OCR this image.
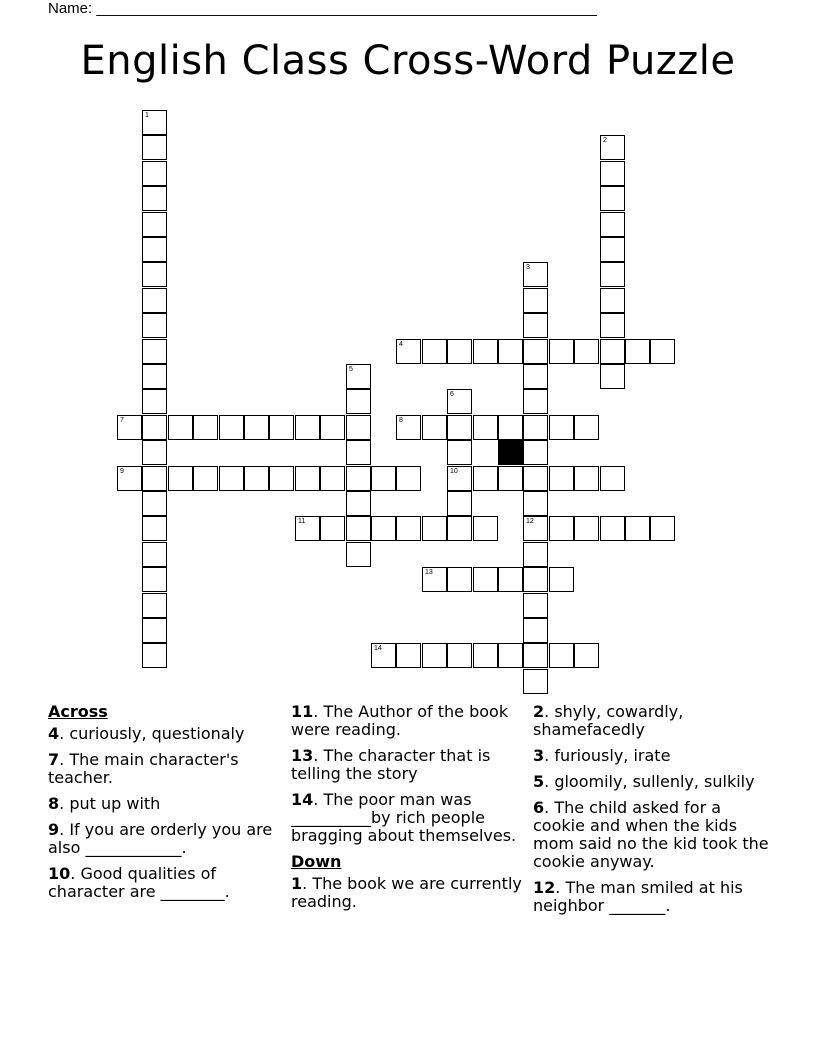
Name: ____________________________________________________________
English Class Cross-Word Puzzle
1
2
3
12
4
5
6
10
7	8
9
11
13
14
Across
4. curiously, questionaly
7. The main character's teacher.
8. put up with
9. If you are orderly you are also ____________.
10. Good qualities of character are ________.
11. The Author of the book were reading.
13. The character that is telling the story
14. The poor man was __________by rich people bragging about themselves.
Down
1. The book we are currently reading.
2. shyly, cowardly, shamefacedly
3. furiously, irate
5. gloomily, sullenly, sulkily
6. The child asked for a cookie and when the kids mom said no the kid took the cookie anyway.
12. The man smiled at his neighbor _______.
